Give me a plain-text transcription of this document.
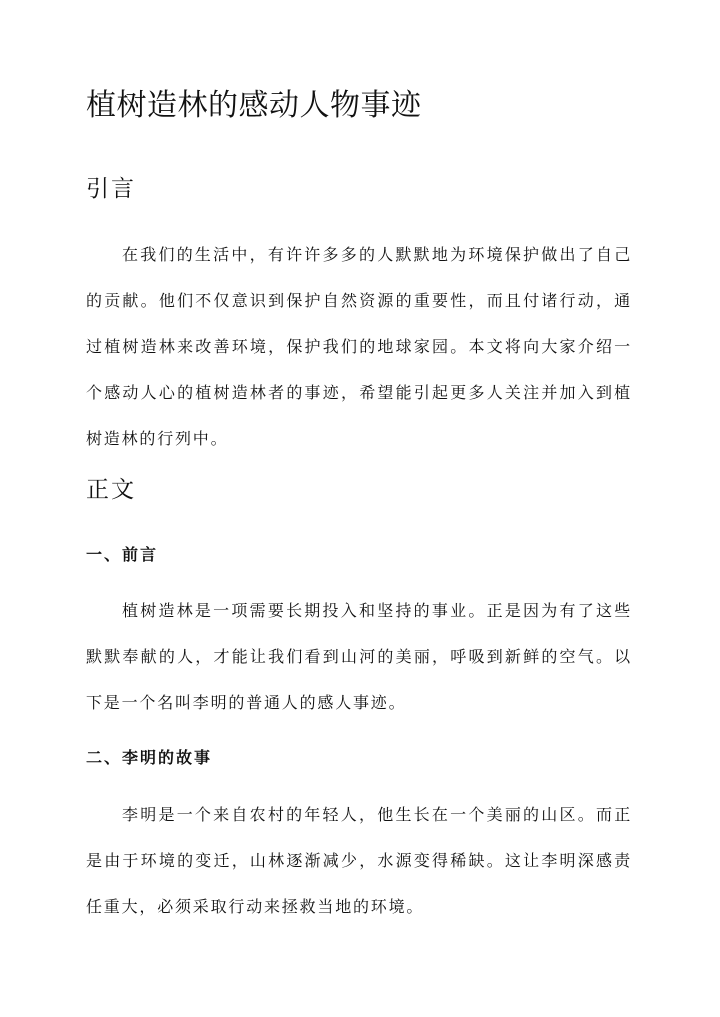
植树造林的感动人物事迹
引言

在我们的生活中，有许许多多的人默默地为环境保护做出了自己的贡献。他们不仅意识到保护自然资源的重要性，而且付诸行动，通过植树造林来改善环境，保护我们的地球家园。本文将向大家介绍一个感动人心的植树造林者的事迹，希望能引起更多人关注并加入到植树造林的行列中。

正文
一、前言

植树造林是一项需要长期投入和坚持的事业。正是因为有了这些默默奉献的人，才能让我们看到山河的美丽，呼吸到新鲜的空气。以下是一个名叫李明的普通人的感人事迹。

二、李明的故事

李明是一个来自农村的年轻人，他生长在一个美丽的山区。而正是由于环境的变迁，山林逐渐减少，水源变得稀缺。这让李明深感责任重大，必须采取行动来拯救当地的环境。
